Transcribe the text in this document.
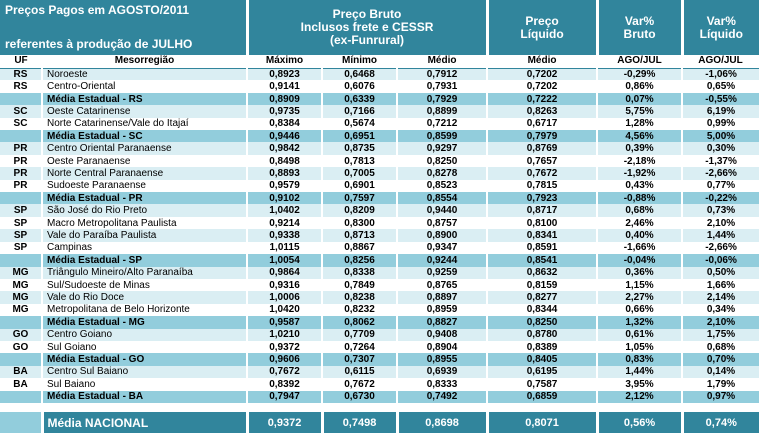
Preços Pagos em AGOSTO/2011
referentes à produção de JULHO

Preço Bruto
Inclusos frete e CESSR
(ex-Funrural)

Preço
Líquido

Var%
Bruto

Var%
Líquido

UF	Mesorregião	Máximo	Mínimo	Médio	Médio	AGO/JUL	AGO/JUL
RS	Noroeste	0,8923	0,6468	0,7912	0,7202	-0,29%	-1,06%
RS	Centro-Oriental	0,9141	0,6076	0,7931	0,7202	0,86%	0,65%
	Média Estadual - RS	0,8909	0,6339	0,7929	0,7222	0,07%	-0,55%
SC	Oeste Catarinense	0,9735	0,7166	0,8899	0,8263	5,75%	6,19%
SC	Norte Catarinense/Vale do Itajaí	0,8384	0,5674	0,7212	0,6717	1,28%	0,99%
	Média Estadual - SC	0,9446	0,6951	0,8599	0,7979	4,56%	5,00%
PR	Centro Oriental Paranaense	0,9842	0,8735	0,9297	0,8769	0,39%	0,30%
PR	Oeste Paranaense	0,8498	0,7813	0,8250	0,7657	-2,18%	-1,37%
PR	Norte Central Paranaense	0,8893	0,7005	0,8278	0,7672	-1,92%	-2,66%
PR	Sudoeste Paranaense	0,9579	0,6901	0,8523	0,7815	0,43%	0,77%
	Média Estadual - PR	0,9102	0,7597	0,8554	0,7923	-0,88%	-0,22%
SP	São José do Rio Preto	1,0402	0,8209	0,9440	0,8717	0,68%	0,73%
SP	Macro Metropolitana Paulista	0,9214	0,8300	0,8757	0,8100	2,46%	2,10%
SP	Vale do Paraíba Paulista	0,9338	0,8713	0,8900	0,8341	0,40%	1,44%
SP	Campinas	1,0115	0,8867	0,9347	0,8591	-1,66%	-2,66%
	Média Estadual - SP	1,0054	0,8256	0,9244	0,8541	-0,04%	-0,06%
MG	Triângulo Mineiro/Alto Paranaíba	0,9864	0,8338	0,9259	0,8632	0,36%	0,50%
MG	Sul/Sudoeste de Minas	0,9316	0,7849	0,8765	0,8159	1,15%	1,66%
MG	Vale do Rio Doce	1,0006	0,8238	0,8897	0,8277	2,27%	2,14%
MG	Metropolitana de Belo Horizonte	1,0420	0,8232	0,8959	0,8344	0,66%	0,34%
	Média Estadual - MG	0,9587	0,8062	0,8827	0,8250	1,32%	2,10%
GO	Centro Goiano	1,0210	0,7709	0,9408	0,8780	0,61%	1,75%
GO	Sul Goiano	0,9372	0,7264	0,8904	0,8389	1,05%	0,68%
	Média Estadual - GO	0,9606	0,7307	0,8955	0,8405	0,83%	0,70%
BA	Centro Sul Baiano	0,7672	0,6115	0,6939	0,6195	1,44%	0,14%
BA	Sul Baiano	0,8392	0,7672	0,8333	0,7587	3,95%	1,79%
	Média Estadual - BA	0,7947	0,6730	0,7492	0,6859	2,12%	0,97%

	Média NACIONAL	0,9372	0,7498	0,8698	0,8071	0,56%	0,74%
